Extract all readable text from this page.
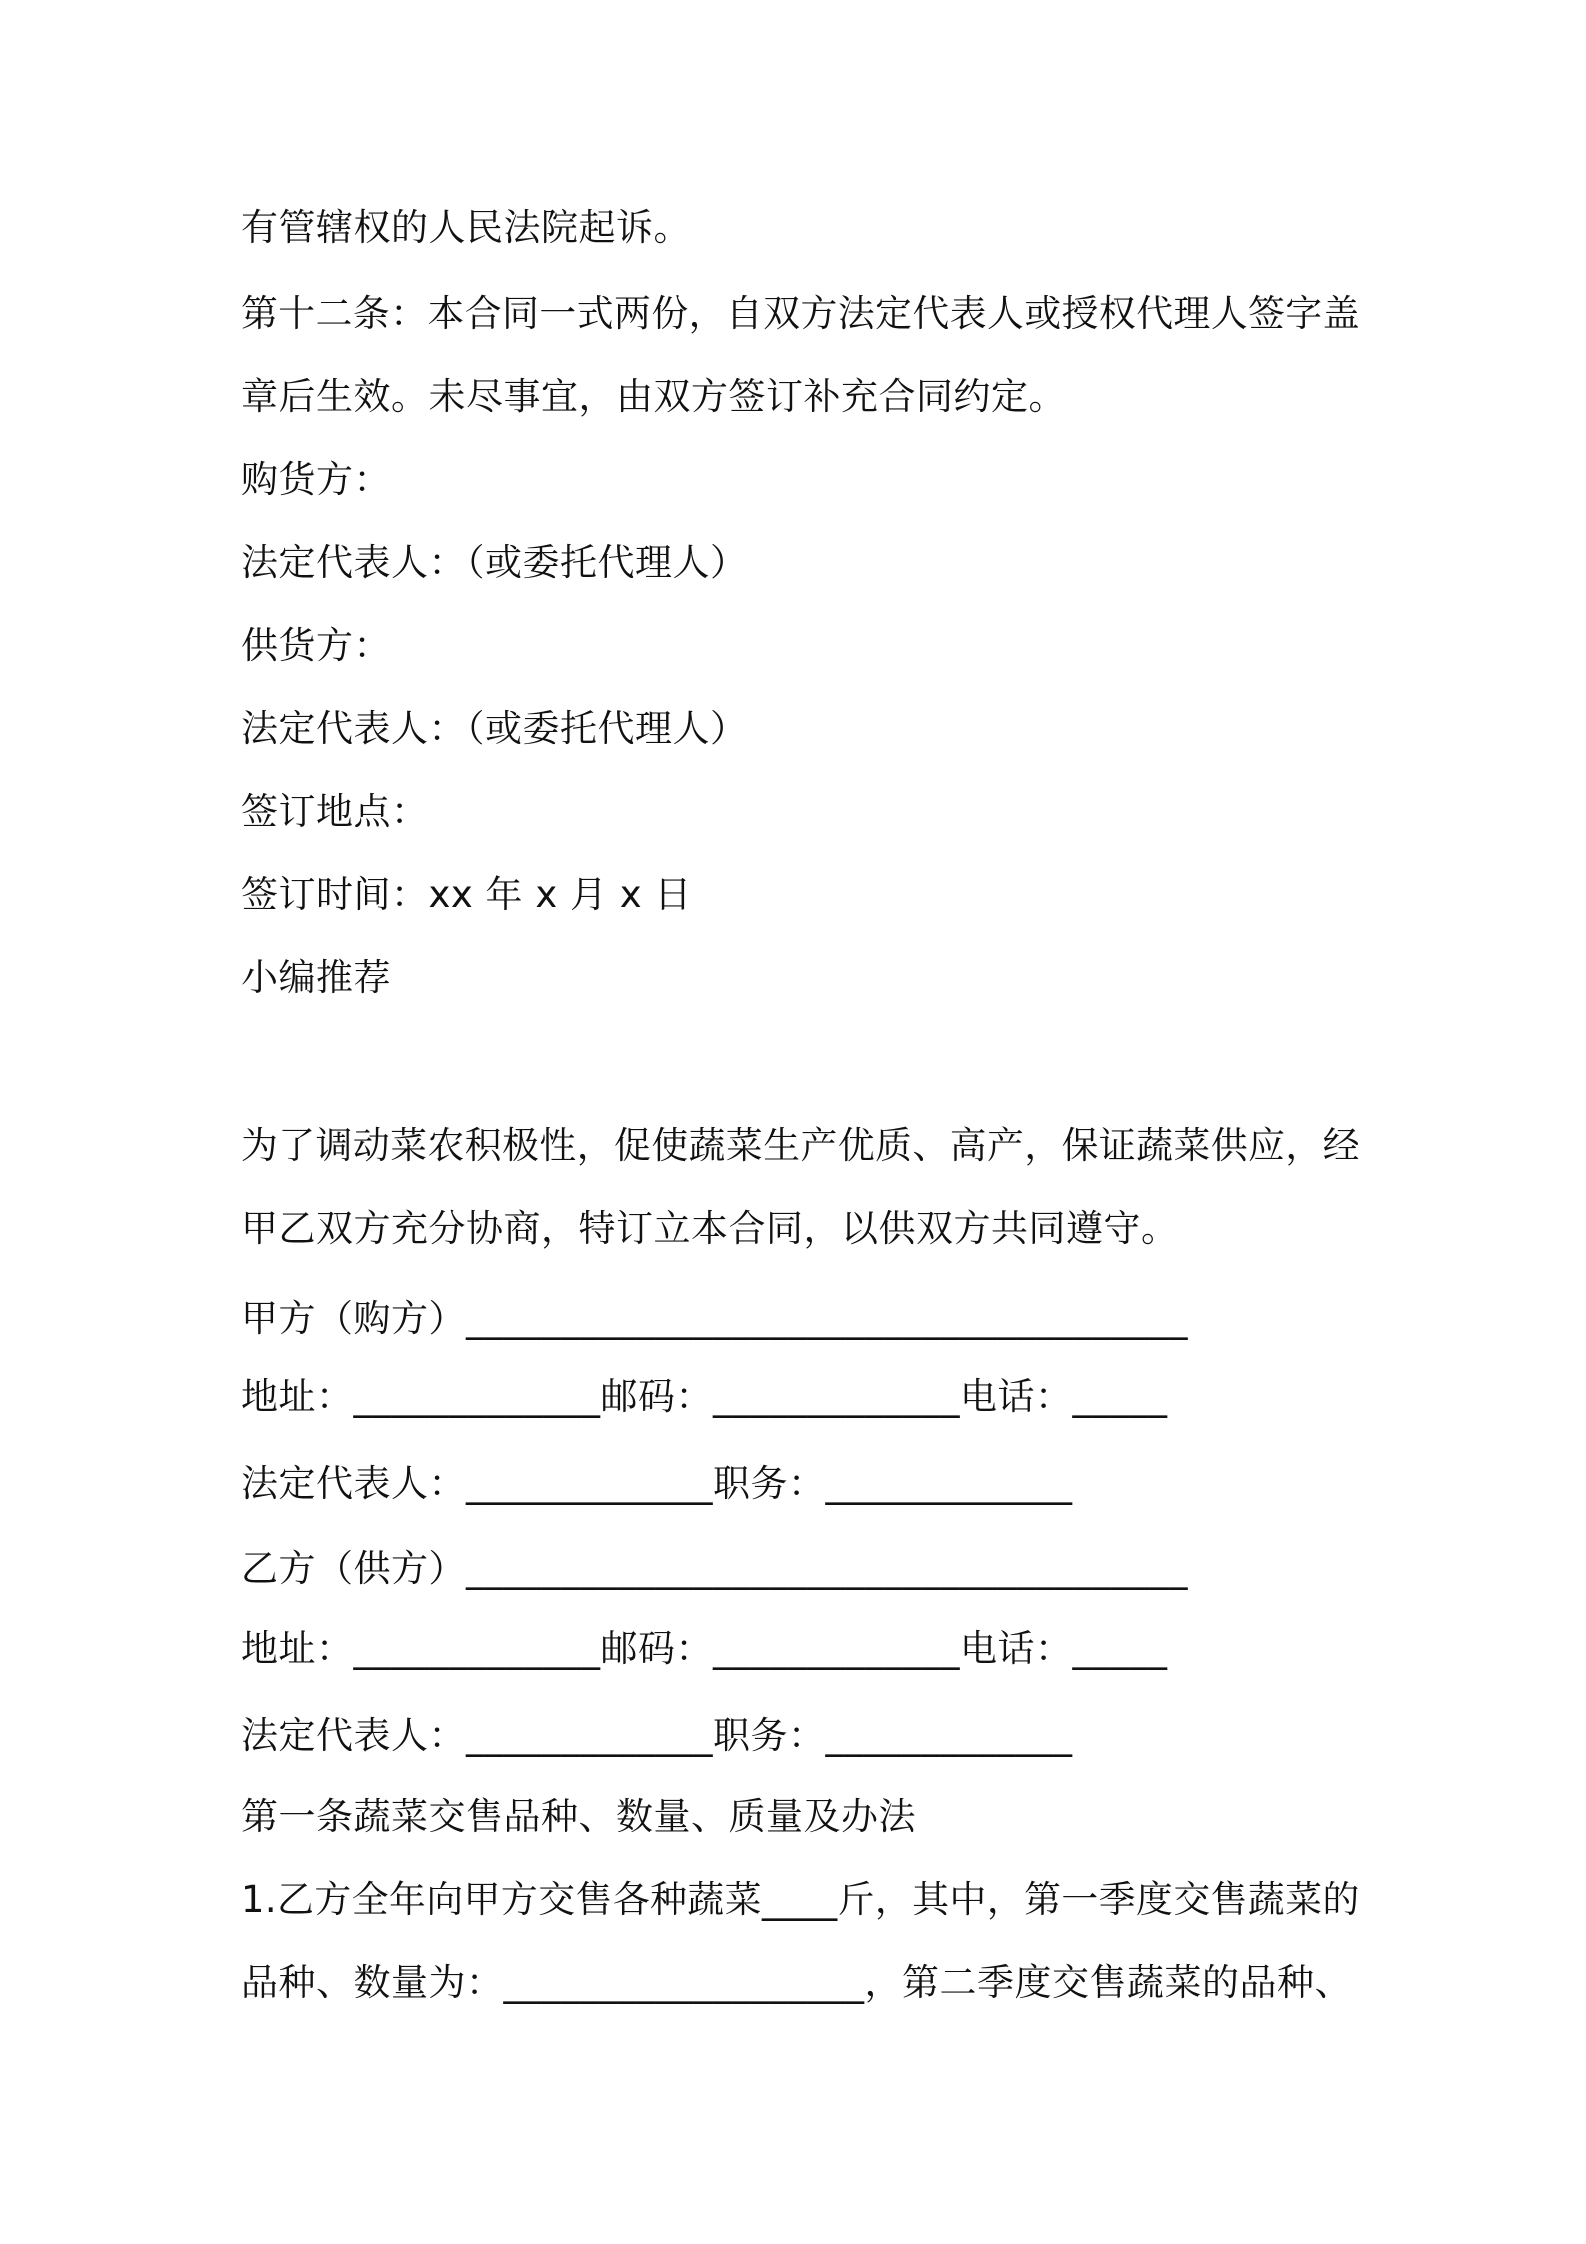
有管辖权的人民法院起诉。
第十二条：本合同一式两份，自双方法定代表人或授权代理人签字盖
章后生效。未尽事宜，由双方签订补充合同约定。
购货方：
法定代表人：（或委托代理人）
供货方：
法定代表人：（或委托代理人）
签订地点：
签订时间：xx 年 x 月 x 日
小编推荐
为了调动菜农积极性，促使蔬菜生产优质、高产，保证蔬菜供应，经
甲乙双方充分协商，特订立本合同，以供双方共同遵守。
甲方（购方）______________________________________
地址：_____________邮码：_____________电话：_____
法定代表人：_____________职务：_____________
乙方（供方）______________________________________
地址：_____________邮码：_____________电话：_____
法定代表人：_____________职务：_____________
第一条蔬菜交售品种、数量、质量及办法
1.乙方全年向甲方交售各种蔬菜____斤，其中，第一季度交售蔬菜的
品种、数量为：___________________，第二季度交售蔬菜的品种、
